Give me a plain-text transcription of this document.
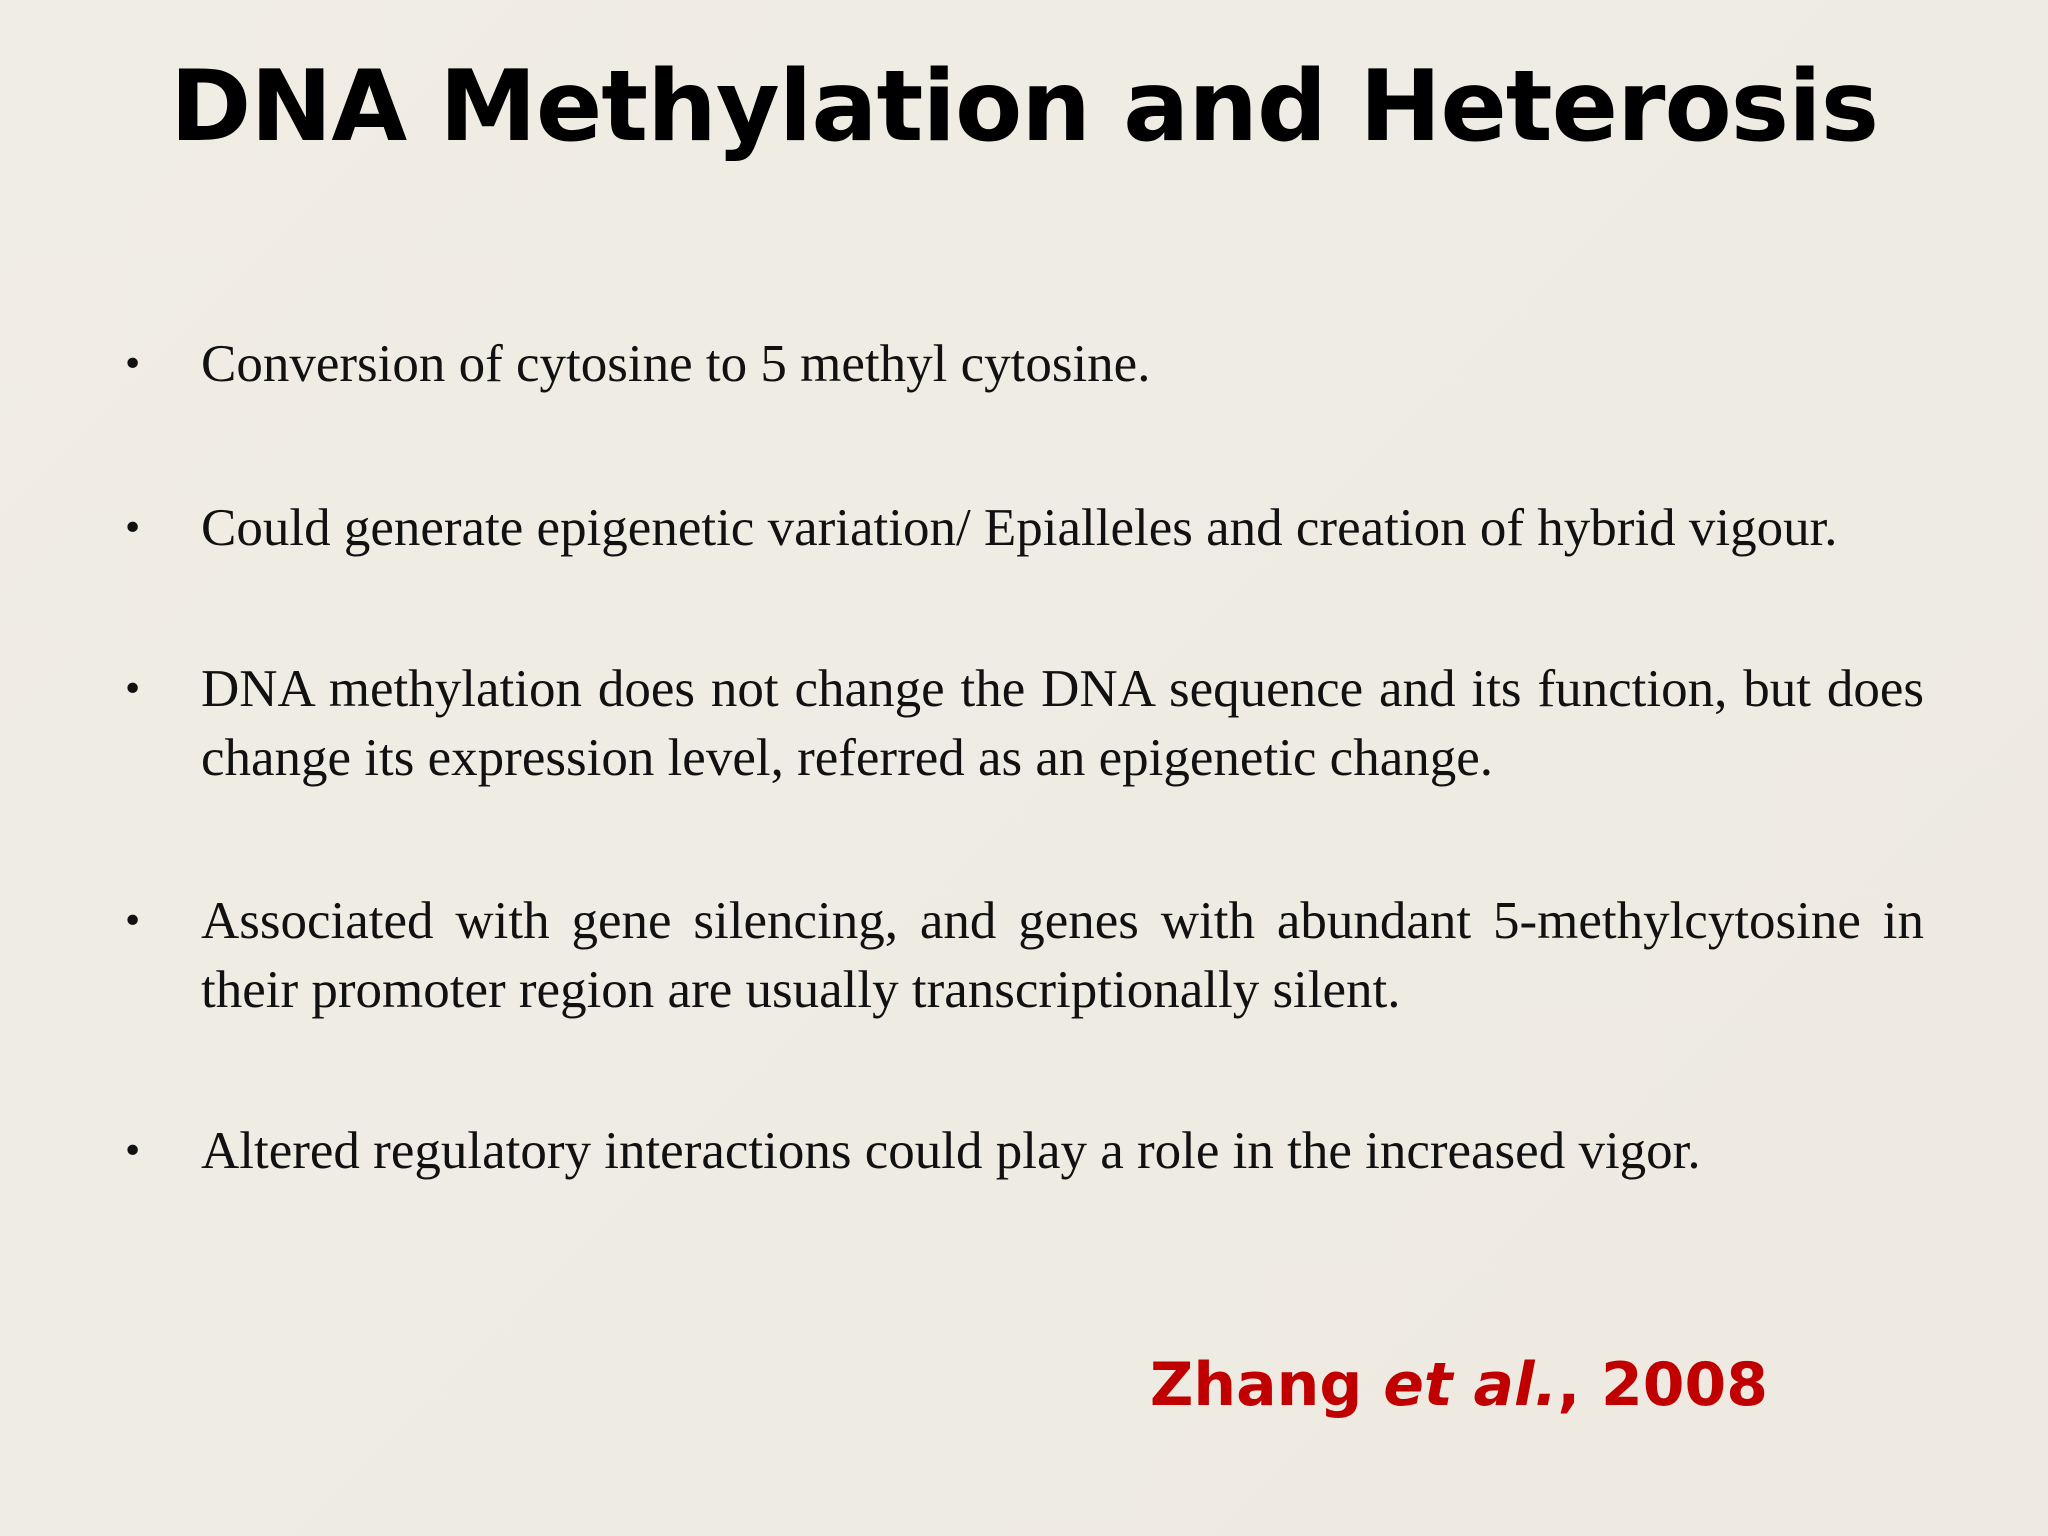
DNA Methylation and Heterosis
• Conversion of cytosine to 5 methyl cytosine.
• Could generate epigenetic variation/ Epialleles and creation of hybrid vigour.
• DNA methylation does not change the DNA sequence and its function, but does change its expression level, referred as an epigenetic change.
• Associated with gene silencing, and genes with abundant 5-methylcytosine in their promoter region are usually transcriptionally silent.
• Altered regulatory interactions could play a role in the increased vigor.
Zhang et al., 2008
